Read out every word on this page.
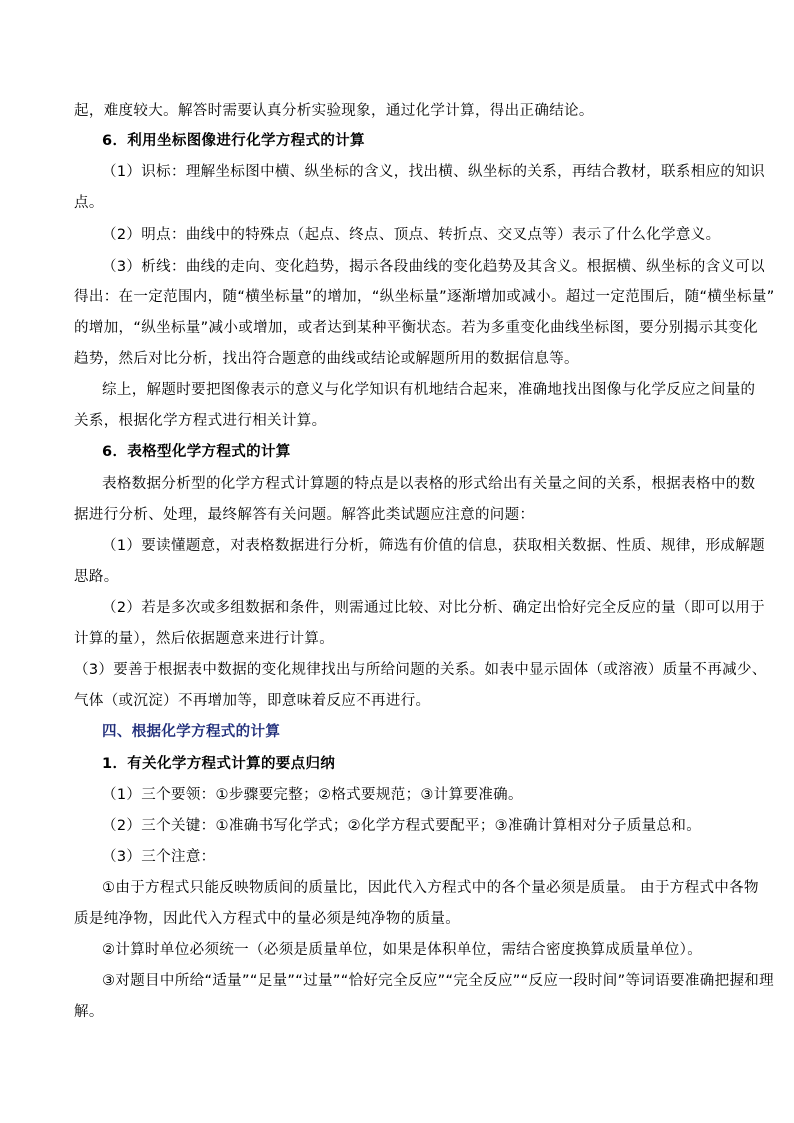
起，难度较大。解答时需要认真分析实验现象，通过化学计算，得出正确结论。
6．利用坐标图像进行化学方程式的计算
（1）识标：理解坐标图中横、纵坐标的含义，找出横、纵坐标的关系，再结合教材，联系相应的知识
点。
（2）明点：曲线中的特殊点（起点、终点、顶点、转折点、交叉点等）表示了什么化学意义。
（3）析线：曲线的走向、变化趋势，揭示各段曲线的变化趋势及其含义。根据横、纵坐标的含义可以
得出：在一定范围内，随“横坐标量”的增加，“纵坐标量”逐渐增加或减小。超过一定范围后，随“横坐标量”
的增加，“纵坐标量”减小或增加，或者达到某种平衡状态。若为多重变化曲线坐标图，要分别揭示其变化
趋势，然后对比分析，找出符合题意的曲线或结论或解题所用的数据信息等。
综上，解题时要把图像表示的意义与化学知识有机地结合起来，准确地找出图像与化学反应之间量的
关系，根据化学方程式进行相关计算。
6．表格型化学方程式的计算
表格数据分析型的化学方程式计算题的特点是以表格的形式给出有关量之间的关系，根据表格中的数
据进行分析、处理，最终解答有关问题。解答此类试题应注意的问题：
（1）要读懂题意，对表格数据进行分析，筛选有价值的信息，获取相关数据、性质、规律，形成解题
思路。
（2）若是多次或多组数据和条件，则需通过比较、对比分析、确定出恰好完全反应的量（即可以用于
计算的量），然后依据题意来进行计算。
（3）要善于根据表中数据的变化规律找出与所给问题的关系。如表中显示固体（或溶液）质量不再减少、
气体（或沉淀）不再增加等，即意味着反应不再进行。
四、根据化学方程式的计算
1．有关化学方程式计算的要点归纳
（1）三个要领：①步骤要完整；②格式要规范；③计算要准确。
（2）三个关键：①准确书写化学式；②化学方程式要配平；③准确计算相对分子质量总和。
（3）三个注意：
①由于方程式只能反映物质间的质量比，因此代入方程式中的各个量必须是质量。 由于方程式中各物
质是纯净物，因此代入方程式中的量必须是纯净物的质量。
②计算时单位必须统一（必须是质量单位，如果是体积单位，需结合密度换算成质量单位）。
③对题目中所给“适量”“足量”“过量”“恰好完全反应”“完全反应”“反应一段时间”等词语要准确把握和理
解。
